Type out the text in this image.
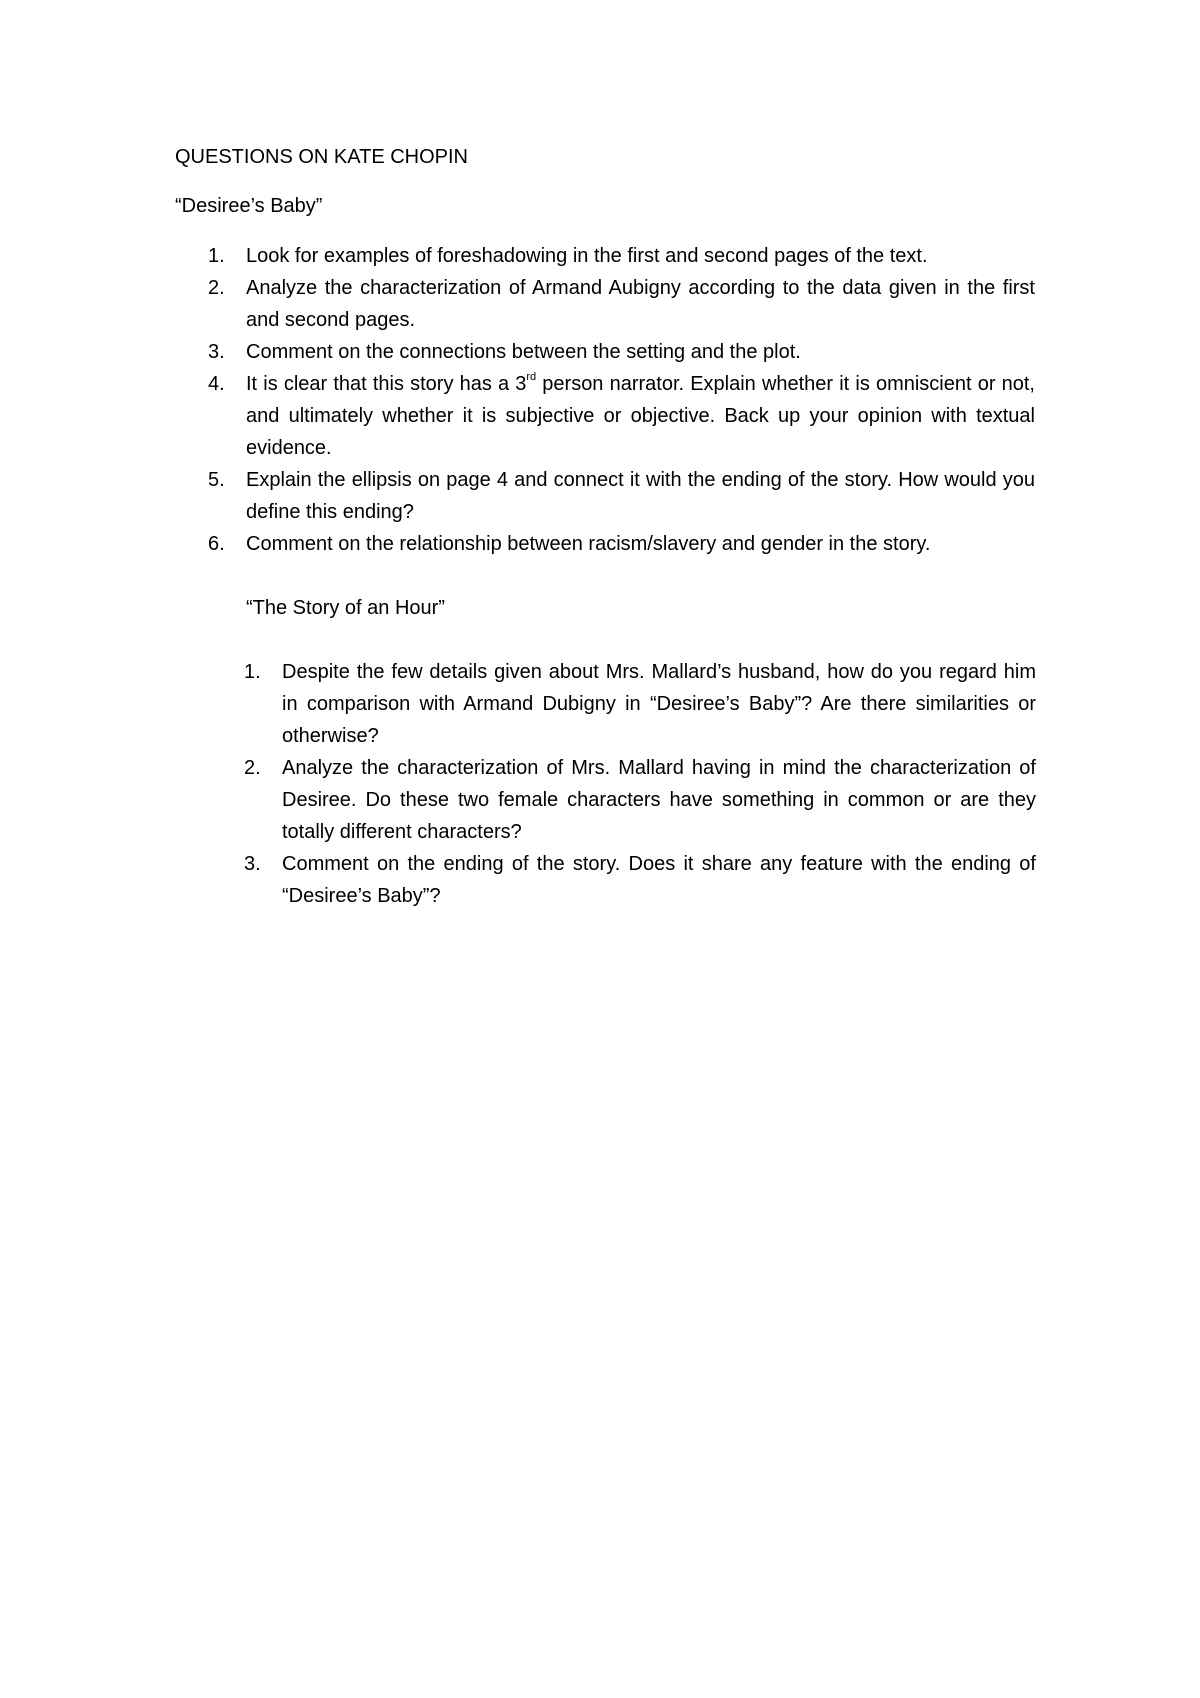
QUESTIONS ON KATE CHOPIN
“Desiree’s Baby”
1. Look for examples of foreshadowing in the first and second pages of the text.
2. Analyze the characterization of Armand Aubigny according to the data given in the first and second pages.
3. Comment on the connections between the setting and the plot.
4. It is clear that this story has a 3rd person narrator. Explain whether it is omniscient or not, and ultimately whether it is subjective or objective. Back up your opinion with textual evidence.
5. Explain the ellipsis on page 4 and connect it with the ending of the story. How would you define this ending?
6. Comment on the relationship between racism/slavery and gender in the story.
“The Story of an Hour”
1. Despite the few details given about Mrs. Mallard’s husband, how do you regard him in comparison with Armand Dubigny in “Desiree’s Baby”? Are there similarities or otherwise?
2. Analyze the characterization of Mrs. Mallard having in mind the characterization of Desiree. Do these two female characters have something in common or are they totally different characters?
3. Comment on the ending of the story. Does it share any feature with the ending of “Desiree’s Baby”?
